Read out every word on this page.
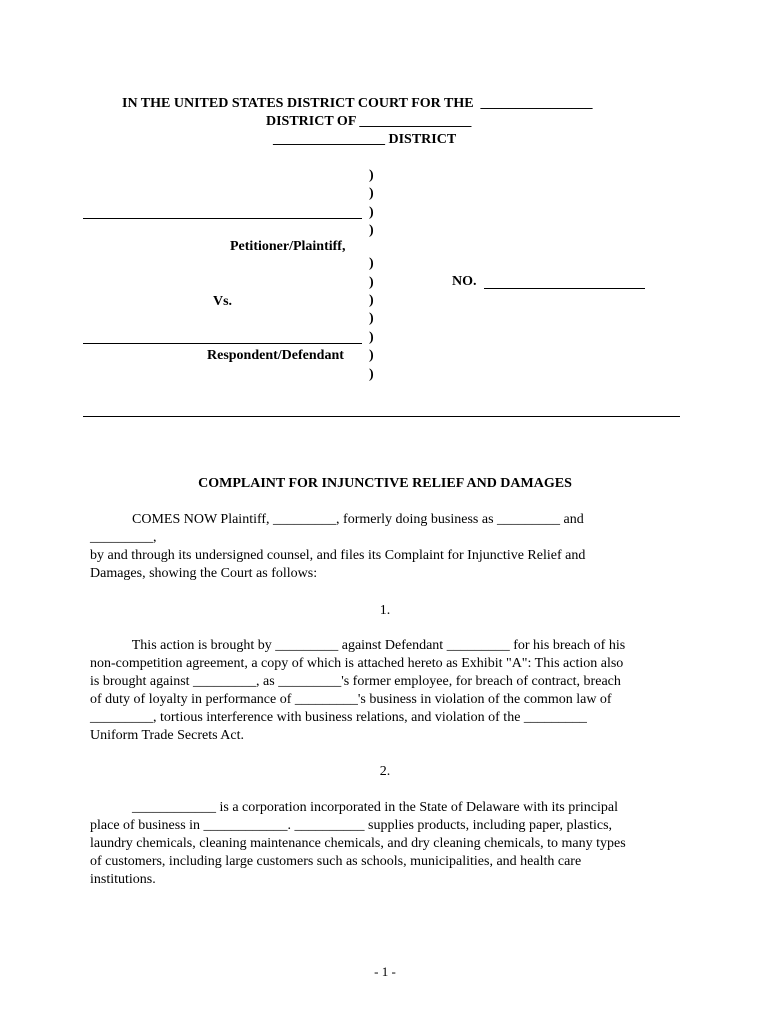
IN THE UNITED STATES DISTRICT COURT FOR THE  ________________
DISTRICT OF ________________
________________ DISTRICT
)
)
)
)
)
)
)
)
)
)
)
Petitioner/Plaintiff,
Vs.
Respondent/Defendant
NO.
COMPLAINT FOR INJUNCTIVE RELIEF AND DAMAGES

COMES NOW Plaintiff, _________, formerly doing business as _________ and

_________,

by and through its undersigned counsel, and files its Complaint for Injunctive Relief and

Damages, showing the Court as follows:

1.

This action is brought by _________ against Defendant _________ for his breach of his

non-competition agreement, a copy of which is attached hereto as Exhibit "A": This action also

is brought against _________, as _________'s former employee, for breach of contract, breach

of duty of loyalty in performance of _________'s business in violation of the common law of

_________, tortious interference with business relations, and violation of the _________

Uniform Trade Secrets Act.

2.

____________ is a corporation incorporated in the State of Delaware with its principal

place of business in ____________. __________ supplies products, including paper, plastics,

laundry chemicals, cleaning maintenance chemicals, and dry cleaning chemicals, to many types

of customers, including large customers such as schools, municipalities, and health care

institutions.

- 1 -
